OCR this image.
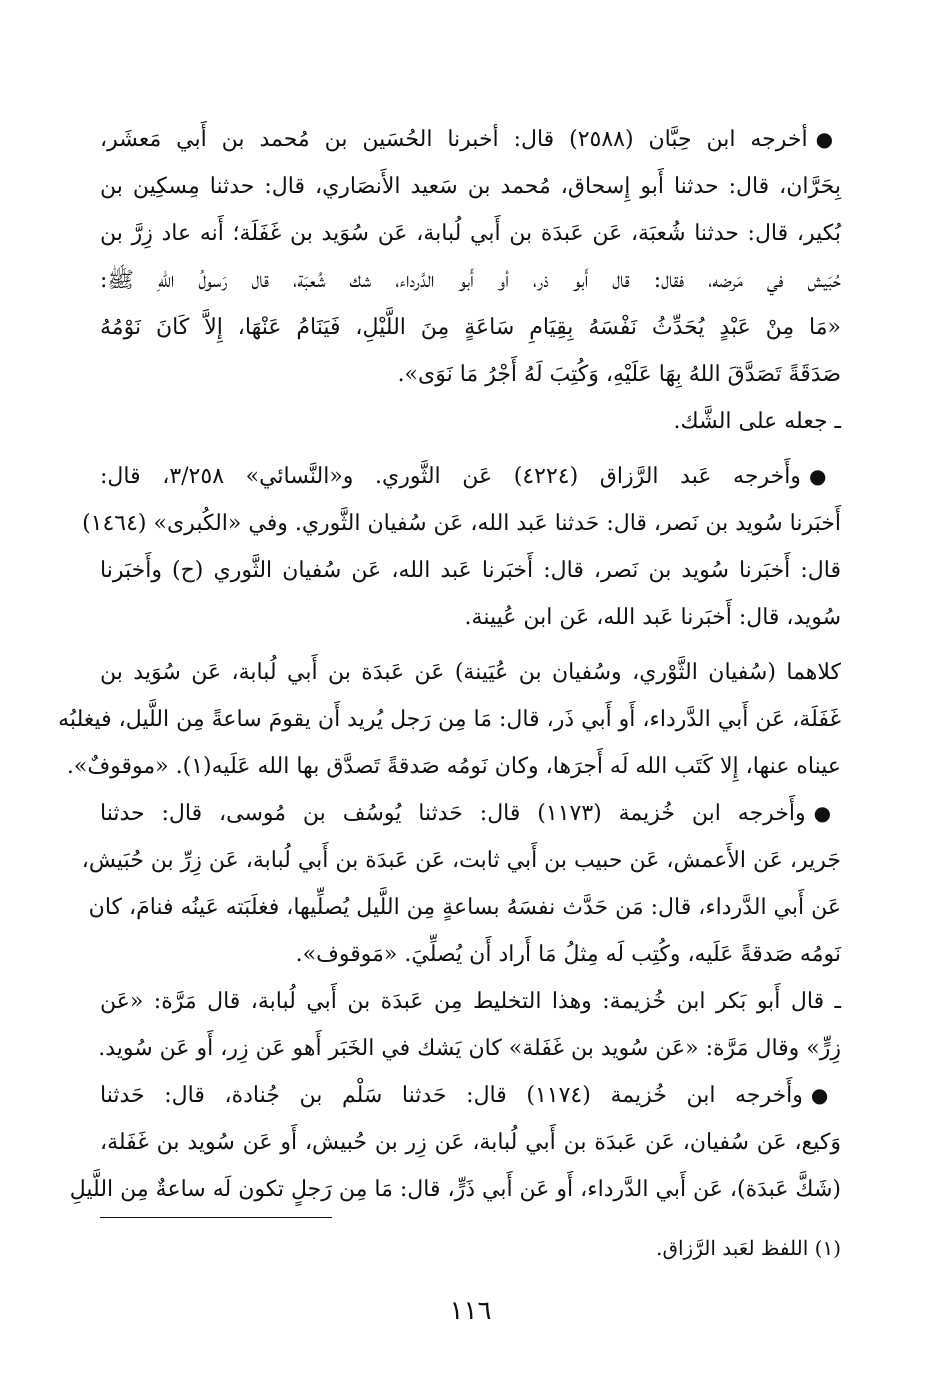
●أخرجه ابن حِبَّان (٢٥٨٨) قال: أخبرنا الحُسَين بن مُحمد بن أَبي مَعشَر،
بِحَرَّان، قال: حدثنا أَبو إِسحاق، مُحمد بن سَعيد الأَنصَاري، قال: حدثنا مِسكِين بن
بُكير، قال: حدثنا شُعبَة، عَن عَبدَة بن أَبي لُبابة، عَن سُوَيد بن غَفَلَة؛ أَنه عاد زِرَّ بن
حُبَيش في مَرضه، فقال: قال أَبو ذر، أو أَبو الدَّرداء، شك شُعبَة، قال رَسولُ اللهِ ﷺ:
«مَا مِنْ عَبْدٍ يُحَدِّثُ نَفْسَهُ بِقِيَامِ سَاعَةٍ مِنَ اللَّيْلِ، فَيَنَامُ عَنْهَا، إِلاَّ كَانَ نَوْمُهُ
صَدَقَةً تَصَدَّقَ اللهُ بِهَا عَلَيْهِ، وَكُتِبَ لَهُ أَجْرُ مَا نَوَى».
ـ جعله على الشَّك.
●وأَخرجه عَبد الرَّزاق (٤٢٢٤) عَن الثَّوري. و«النَّسائي» ٣/٢٥٨، قال:
أَخبَرنا سُويد بن نَصر، قال: حَدثنا عَبد الله، عَن سُفيان الثَّوري. وفي «الكُبرى» (١٤٦٤)
قال: أَخبَرنا سُويد بن نَصر، قال: أَخبَرنا عَبد الله، عَن سُفيان الثَّوري (ح) وأَخبَرنا
سُويد، قال: أَخبَرنا عَبد الله، عَن ابن عُيينة.
كلاهما (سُفيان الثَّوْري، وسُفيان بن عُيَينة) عَن عَبدَة بن أَبي لُبابة، عَن سُوَيد بن
غَفَلَة، عَن أَبي الدَّرداء، أَو أَبي ذَر، قال: مَا مِن رَجل يُريد أَن يقومَ ساعةً مِن اللَّيل، فيغلبُه
عيناه عنها، إِلا كَتَب الله لَه أَجرَها، وكان نَومُه صَدقةً تَصدَّق بها الله عَلَيه(١). «موقوفٌ».
●وأَخرجه ابن خُزيمة (١١٧٣) قال: حَدثنا يُوسُف بن مُوسى، قال: حدثنا
جَرير، عَن الأَعمش، عَن حبيب بن أَبي ثابت، عَن عَبدَة بن أَبي لُبابة، عَن زِرِّ بن حُبَيش،
عَن أَبي الدَّرداء، قال: مَن حَدَّث نفسَهُ بساعةٍ مِن اللَّيل يُصلِّيها، فغلَبَته عَينُه فنامَ، كان
نَومُه صَدقةً عَلَيه، وكُتِب لَه مِثلُ مَا أَراد أَن يُصلِّيَ. «مَوقوف».
ـ قال أَبو بَكر ابن خُزيمة: وهذا التخليط مِن عَبدَة بن أَبي لُبابة، قال مَرَّة: «عَن
زِرٍّ» وقال مَرَّة: «عَن سُويد بن غَفَلة» كان يَشك في الخَبَر أَهو عَن زِر، أَو عَن سُويد.
●وأَخرجه ابن خُزيمة (١١٧٤) قال: حَدثنا سَلْم بن جُنادة، قال: حَدثنا
وَكيع، عَن سُفيان، عَن عَبدَة بن أَبي لُبابة، عَن زِر بن حُبيش، أَو عَن سُويد بن غَفَلة،
(شَكَّ عَبدَة)، عَن أَبي الدَّرداء، أَو عَن أَبي ذَرٍّ، قال: مَا مِن رَجلٍ تكون لَه ساعةٌ مِن اللَّيلِ
(١) اللفظ لعَبد الرَّزاق.
١١٦
